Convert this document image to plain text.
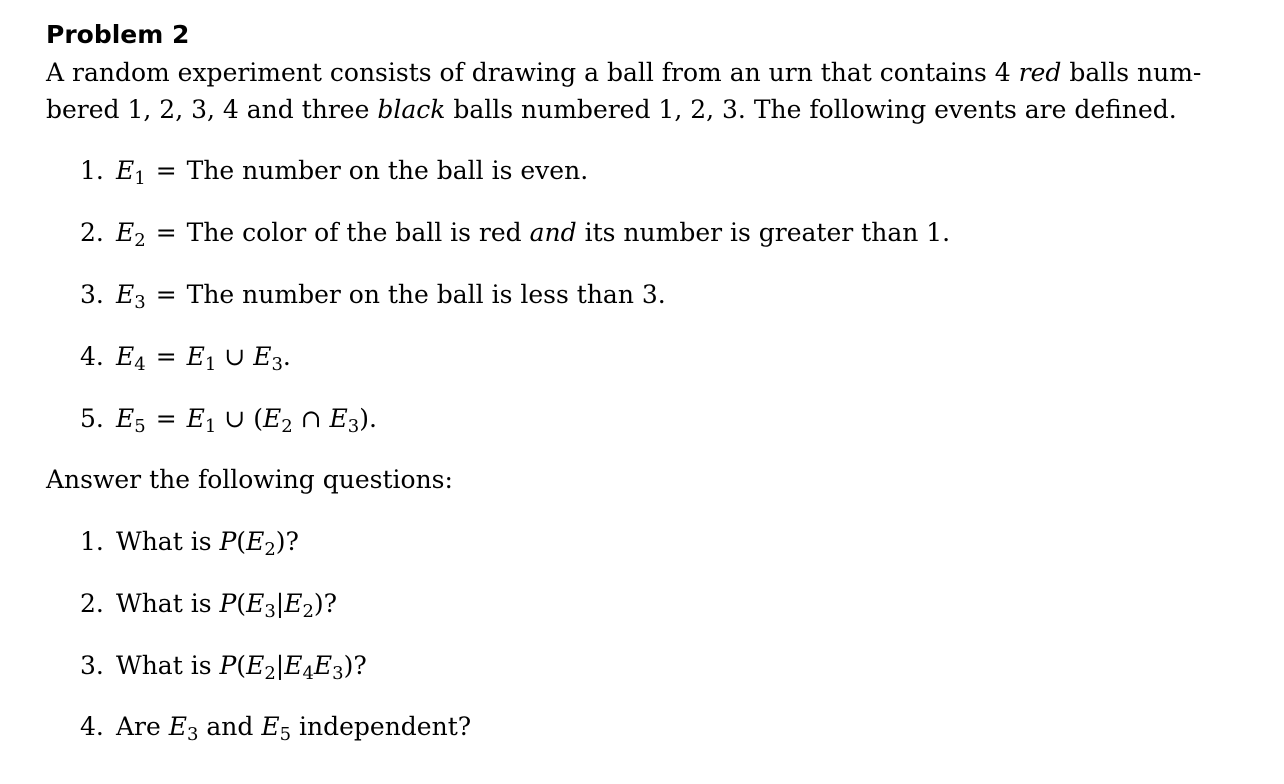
Problem 2
A random experiment consists of drawing a ball from an urn that contains 4 red balls num-
bered 1, 2, 3, 4 and three black balls numbered 1, 2, 3. The following events are defined.
1. $E_1$ = The number on the ball is even.
2. $E_2$ = The color of the ball is red and its number is greater than 1.
3. $E_3$ = The number on the ball is less than 3.
4. $E_4 = E_1$ ∪ $E_3$.
5. $E_5 = E_1$ ∪ ($E_2$ ∩ $E_3$).
Answer the following questions:
1. What is $P(E_2)$?
2. What is $P(E_3|E_2)$?
3. What is $P(E_2|E_4E_3)$?
4. Are $E_3$ and $E_5$ independent?
